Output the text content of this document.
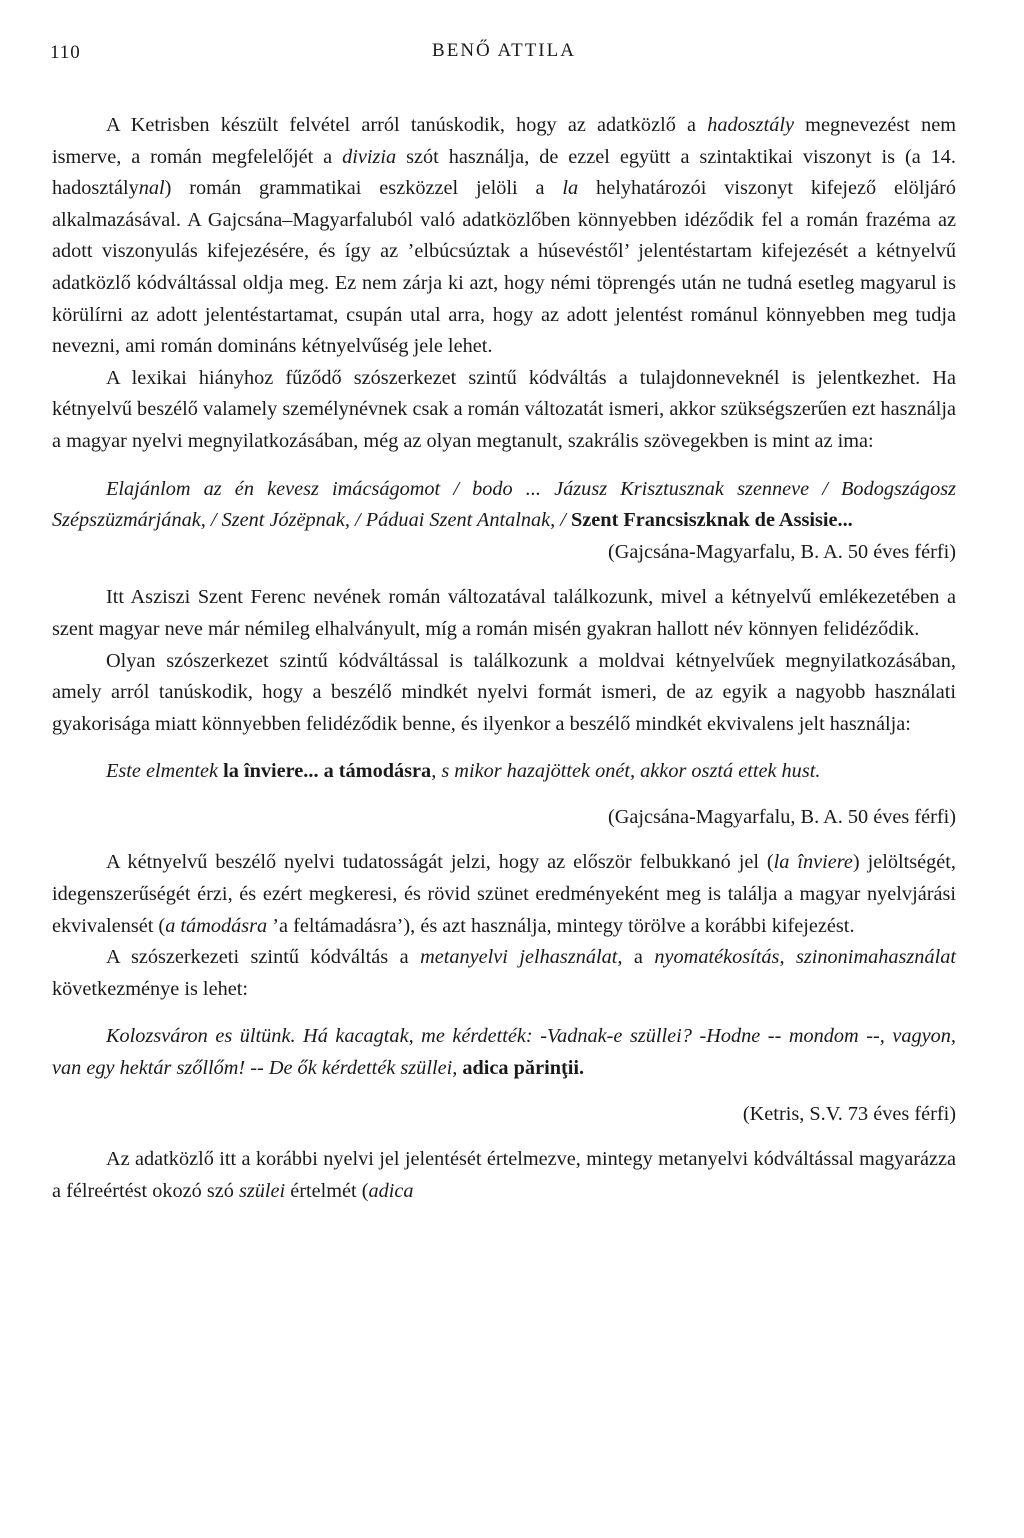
110	BENŐ ATTILA

A Ketrisben készült felvétel arról tanúskodik, hogy az adatközlő a hadosztály megnevezést nem ismerve, a román megfelelőjét a divizia szót használja, de ezzel együtt a szintaktikai viszonyt is (a 14. hadosztálynal) román grammatikai eszközzel jelöli a la helyhatározói viszonyt kifejező elöljáró alkalmazásával. A Gajcsána–Magyarfaluból való adatközlőben könnyebben idéződik fel a román frazéma az adott viszonyulás kifejezésére, és így az ’elbúcsúztak a húsevéstől’ jelentéstartam kifejezését a kétnyelvű adatközlő kódváltással oldja meg. Ez nem zárja ki azt, hogy némi töprengés után ne tudná esetleg magyarul is körülírni az adott jelentéstartamat, csupán utal arra, hogy az adott jelentést románul könnyebben meg tudja nevezni, ami román domináns kétnyelvűség jele lehet.

A lexikai hiányhoz fűződő szószerkezet szintű kódváltás a tulajdonneveknél is jelentkezhet. Ha kétnyelvű beszélő valamely személynévnek csak a román változatát ismeri, akkor szükségszerűen ezt használja a magyar nyelvi megnyilatkozásában, még az olyan megtanult, szakrális szövegekben is mint az ima:

Elajánlom az én kevesz imácságomot / bodo ... Jázusz Krisztusznak szenneve / Bodogszágosz Szépszüzmárjának, / Szent Józëpnak, / Páduai Szent Antalnak, / Szent Francsiszknak de Assisie...

(Gajcsána-Magyarfalu, B. A. 50 éves férfi)

Itt Asziszi Szent Ferenc nevének román változatával találkozunk, mivel a kétnyelvű emlékezetében a szent magyar neve már némileg elhalványult, míg a román misén gyakran hallott név könnyen felidéződik.

Olyan szószerkezet szintű kódváltással is találkozunk a moldvai kétnyelvűek megnyilatkozásában, amely arról tanúskodik, hogy a beszélő mindkét nyelvi formát ismeri, de az egyik a nagyobb használati gyakorisága miatt könnyebben felidéződik benne, és ilyenkor a beszélő mindkét ekvivalens jelt használja:

Este elmentek la înviere... a támodásra, s mikor hazajöttek onét, akkor osztá ettek hust.

(Gajcsána-Magyarfalu, B. A. 50 éves férfi)

A kétnyelvű beszélő nyelvi tudatosságát jelzi, hogy az először felbukkanó jel (la înviere) jelöltségét, idegenszerűségét érzi, és ezért megkeresi, és rövid szünet eredményeként meg is találja a magyar nyelvjárási ekvivalensét (a támodásra ’a feltámadásra’), és azt használja, mintegy törölve a korábbi kifejezést.

A szószerkezeti szintű kódváltás a metanyelvi jelhasználat, a nyomatékosítás, szinonimahasználat következménye is lehet:

Kolozsváron es ültünk. Há kacagtak, me kérdették: -Vadnak-e szüllei? -Hodne -- mondom --, vagyon, van egy hektár szőllőm! -- De ők kérdették szüllei, adica părinţii.

(Ketris, S.V. 73 éves férfi)

Az adatközlő itt a korábbi nyelvi jel jelentését értelmezve, mintegy metanyelvi kódváltással magyarázza a félreértést okozó szó szülei értelmét (adica
